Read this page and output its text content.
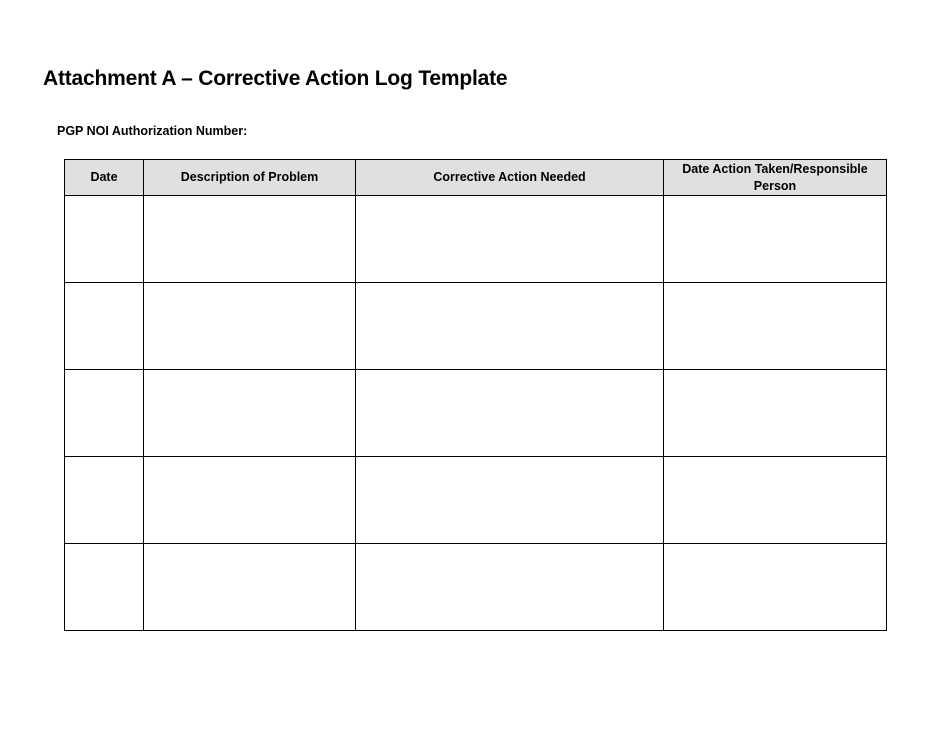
Attachment A – Corrective Action Log Template
PGP NOI Authorization Number:
Date	Description of Problem	Corrective Action Needed	Date Action Taken/Responsible Person
